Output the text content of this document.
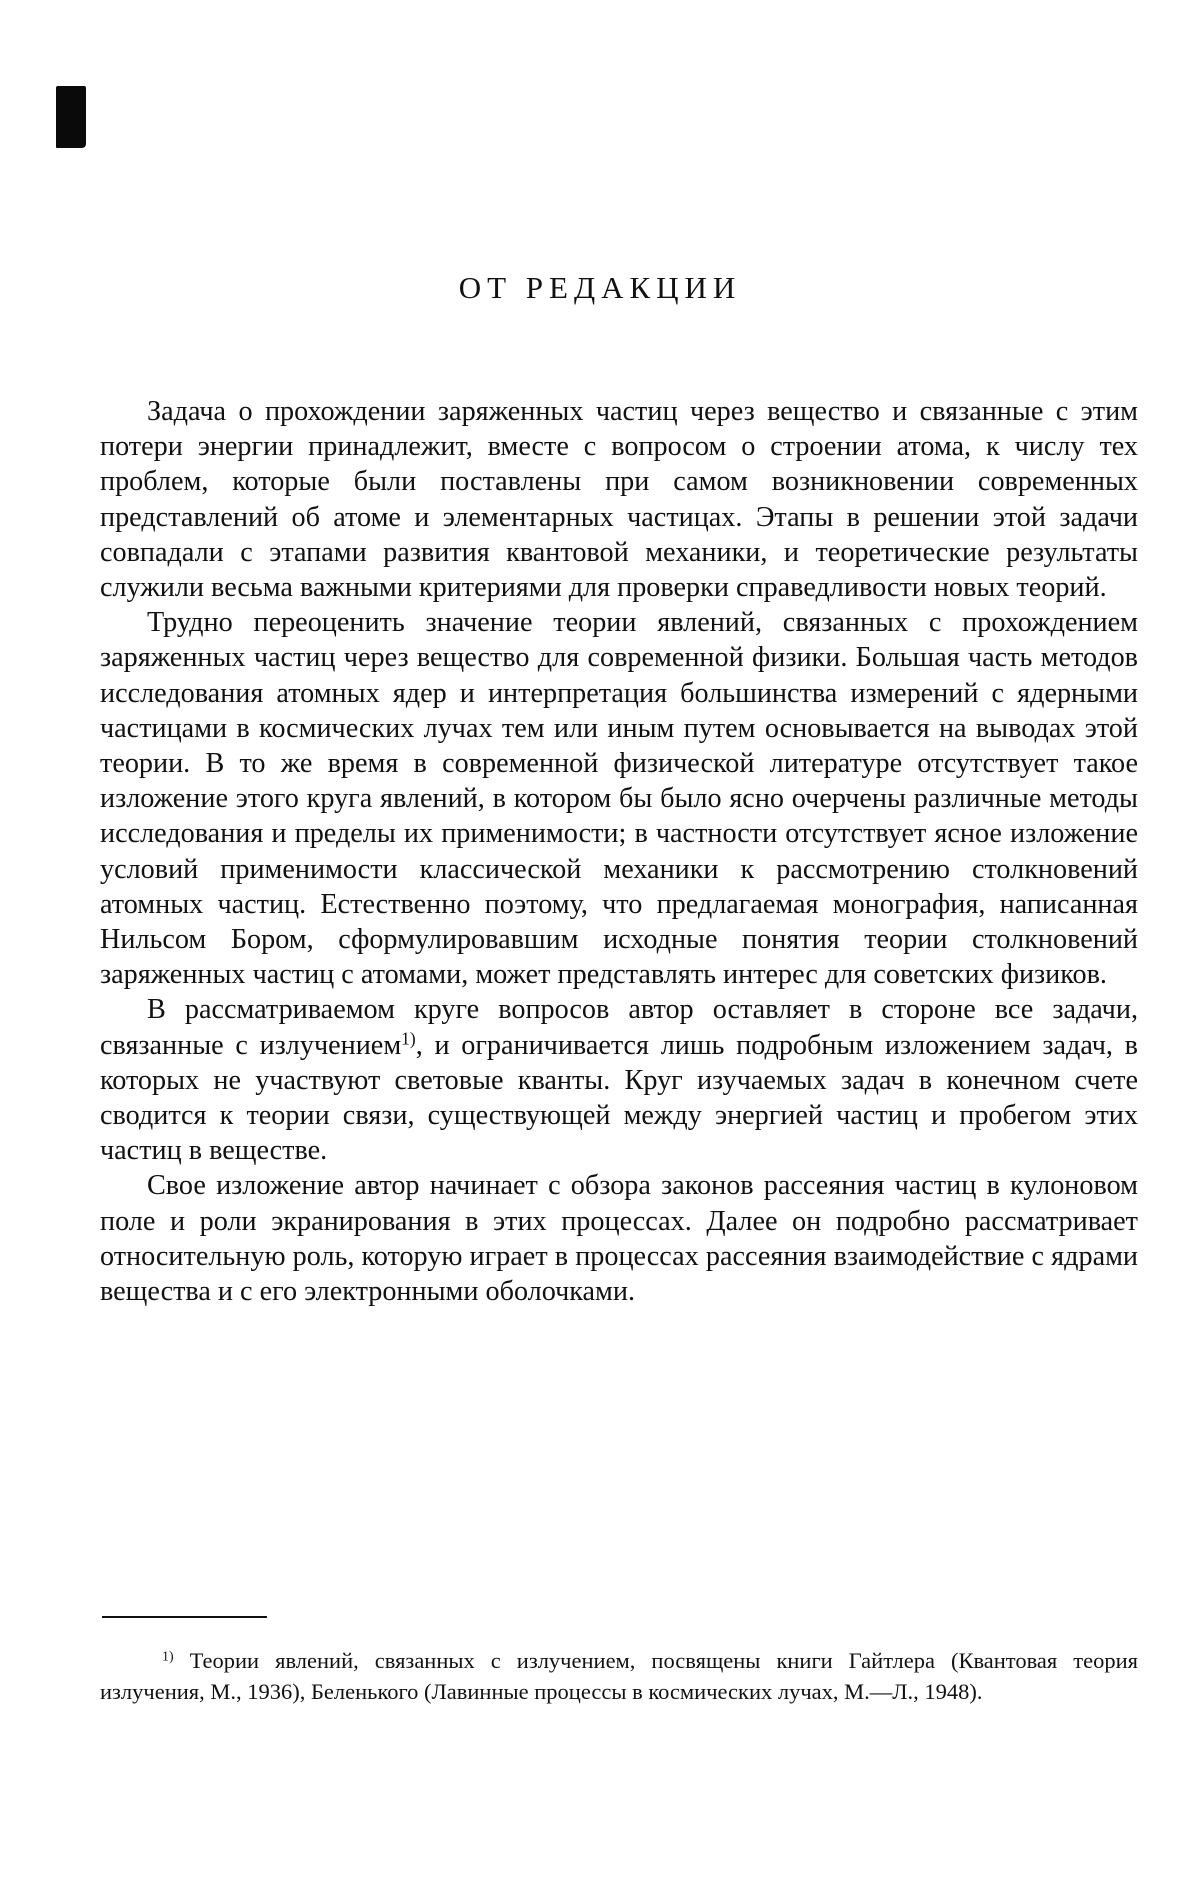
ОТ РЕДАКЦИИ

Задача о прохождении заряженных частиц через вещество и связанные с этим потери энергии принадлежит, вместе с вопросом о строении атома, к числу тех проблем, которые были поставлены при самом возникновении современных представлений об атоме и элементарных частицах. Этапы в решении этой задачи совпадали с этапами развития квантовой механики, и теоретические результаты служили весьма важными критериями для проверки справедливости новых теорий.

Трудно переоценить значение теории явлений, связанных с прохождением заряженных частиц через вещество для современной физики. Большая часть методов исследования атомных ядер и интерпретация большинства измерений с ядерными частицами в космических лучах тем или иным путем основывается на выводах этой теории. В то же время в современной физической литературе отсутствует такое изложение этого круга явлений, в котором бы было ясно очерчены различные методы исследования и пределы их применимости; в частности отсутствует ясное изложение условий применимости классической механики к рассмотрению столкновений атомных частиц. Естественно поэтому, что предлагаемая монография, написанная Нильсом Бором, сформулировавшим исходные понятия теории столкновений заряженных частиц с атомами, может представлять интерес для советских физиков.

В рассматриваемом круге вопросов автор оставляет в стороне все задачи, связанные с излучением$^{1)}$, и ограничивается лишь подробным изложением задач, в которых не участвуют световые кванты. Круг изучаемых задач в конечном счете сводится к теории связи, существующей между энергией частиц и пробегом этих частиц в веществе.

Свое изложение автор начинает с обзора законов рассеяния частиц в кулоновом поле и роли экранирования в этих процессах. Далее он подробно рассматривает относительную роль, которую играет в процессах рассеяния взаимодействие с ядрами вещества и с его электронными оболочками.

$^{1)}$ Теории явлений, связанных с излучением, посвящены книги Гайтлера (Квантовая теория излучения, М., 1936), Беленького (Лавинные процессы в космических лучах, М.—Л., 1948).
